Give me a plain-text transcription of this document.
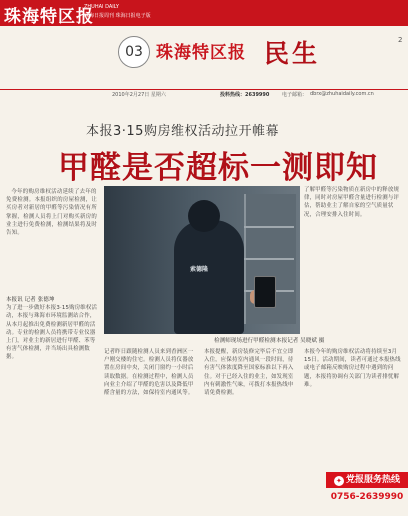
珠海特区报
ZHUHAI DAILY
珠海日报周刊 珠海日报电子版
03 珠海特区报 民生	2
2010年2月27日 星期六	投料热线：2639990	电子邮箱： dbrx@zhuhaidaily.com.cn
本报3·15购房维权活动拉开帷幕
甲醛是否超标一测即知
今年的购房维权活动延续了去年的免费检测。本报组织的房屋检测，让买房者对新居的甲醛等污染情况有所掌握，检测人员将上门对购买新房的业主进行免费检测，检测结果将及时告知。
索德隆
检测师现场进行甲醛检测 本报记者 吴晓斌 摄
了解甲醛等污染物质在新房中的释放规律，同时对房屋甲醛含量进行检测与评估，帮助业主了解自家的空气质量状况，合理安排入住时间。
本报讯 记者 张德坤
为了进一步做好本报3·15购房维权活动，本报与珠海市环境监测站合作，从本月起推出免费检测新居甲醛的活动。专业的检测人员将携带专业仪器上门，对业主的新居进行甲醛、苯等有害气体检测，并当场出具检测数据。
记者昨日跟随检测人员来到香洲区一户刚交楼的住宅。检测人员将仪器放置在房间中央，关闭门窗约一小时后读取数据。在检测过程中，检测人员向业主介绍了甲醛的危害以及降低甲醛含量的方法，如保持室内通风等。
本报提醒，新房装修完毕后不宜立即入住，应保持室内通风一段时间，待有害气体浓度降至国家标准以下再入住。对于已经入住的业主，如发现室内有刺激性气味，可拨打本报热线申请免费检测。
本报今年的购房维权活动将持续至3月15日。活动期间，读者可通过本报热线或电子邮箱反映购房过程中遇到的问题，本报将协调有关部门为读者排忧解难。
✦ 党报服务热线
0756-2639990
